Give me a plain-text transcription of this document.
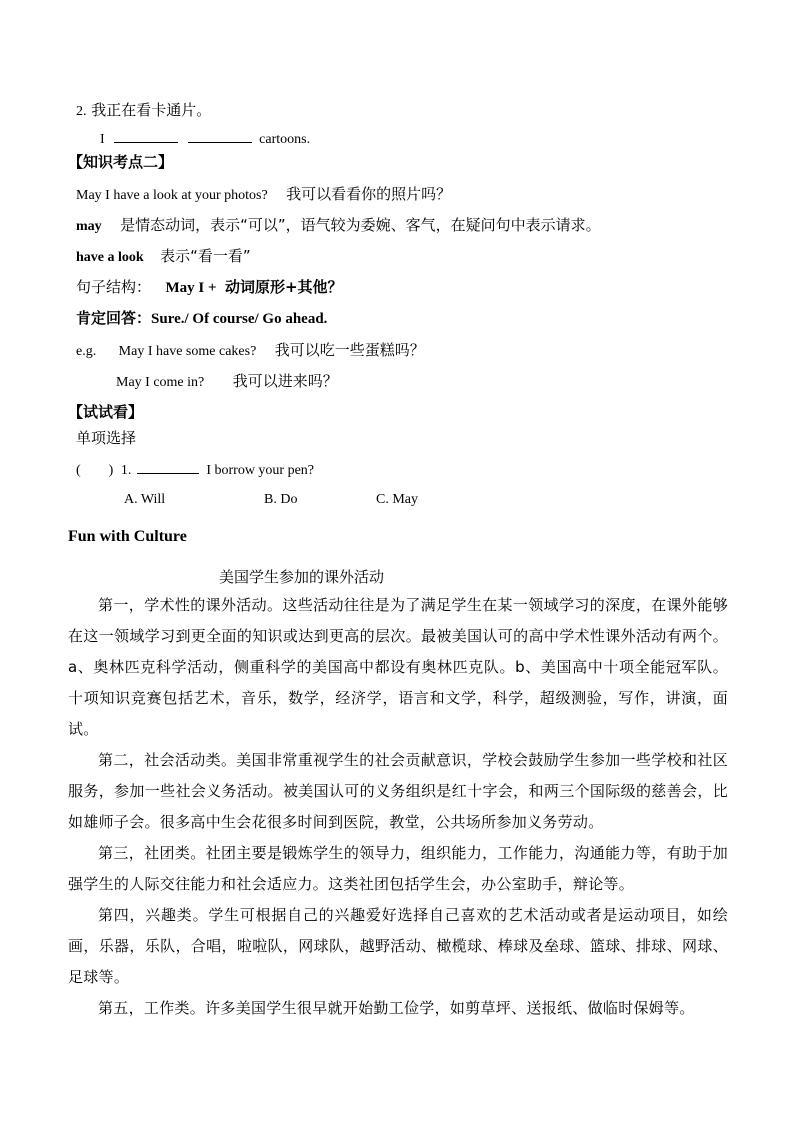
2. 我正在看卡通片。
I	cartoons.
【知识考点二】
May I have a look at your photos? 我可以看看你的照片吗？
may 是情态动词，表示“可以”，语气较为委婉、客气，在疑问句中表示请求。
have a look 表示“看一看”
句子结构： May I + 动词原形+其他？
肯定回答：Sure./ Of course/ Go ahead.
e.g. May I have some cakes? 我可以吃一些蛋糕吗？
May I come in? 我可以进来吗？
【试试看】
单项选择
(        ) 1.	I borrow your pen?
A. Will	B. Do	C. May
Fun with Culture
美国学生参加的课外活动
第一，学术性的课外活动。这些活动往往是为了满足学生在某一领域学习的深度，在课外能够在这一领域学习到更全面的知识或达到更高的层次。最被美国认可的高中学术性课外活动有两个。a、奥林匹克科学活动，侧重科学的美国高中都设有奥林匹克队。b、美国高中十项全能冠军队。十项知识竞赛包括艺术，音乐，数学，经济学，语言和文学，科学，超级测验，写作，讲演，面试。
第二，社会活动类。美国非常重视学生的社会贡献意识，学校会鼓励学生参加一些学校和社区服务，参加一些社会义务活动。被美国认可的义务组织是红十字会，和两三个国际级的慈善会，比如雄师子会。很多高中生会花很多时间到医院，教堂，公共场所参加义务劳动。
第三，社团类。社团主要是锻炼学生的领导力，组织能力，工作能力，沟通能力等，有助于加强学生的人际交往能力和社会适应力。这类社团包括学生会，办公室助手，辩论等。
第四，兴趣类。学生可根据自己的兴趣爱好选择自己喜欢的艺术活动或者是运动项目，如绘画，乐器，乐队，合唱，啦啦队，网球队，越野活动、橄榄球、棒球及垒球、篮球、排球、网球、足球等。
第五，工作类。许多美国学生很早就开始勤工俭学，如剪草坪、送报纸、做临时保姆等。
